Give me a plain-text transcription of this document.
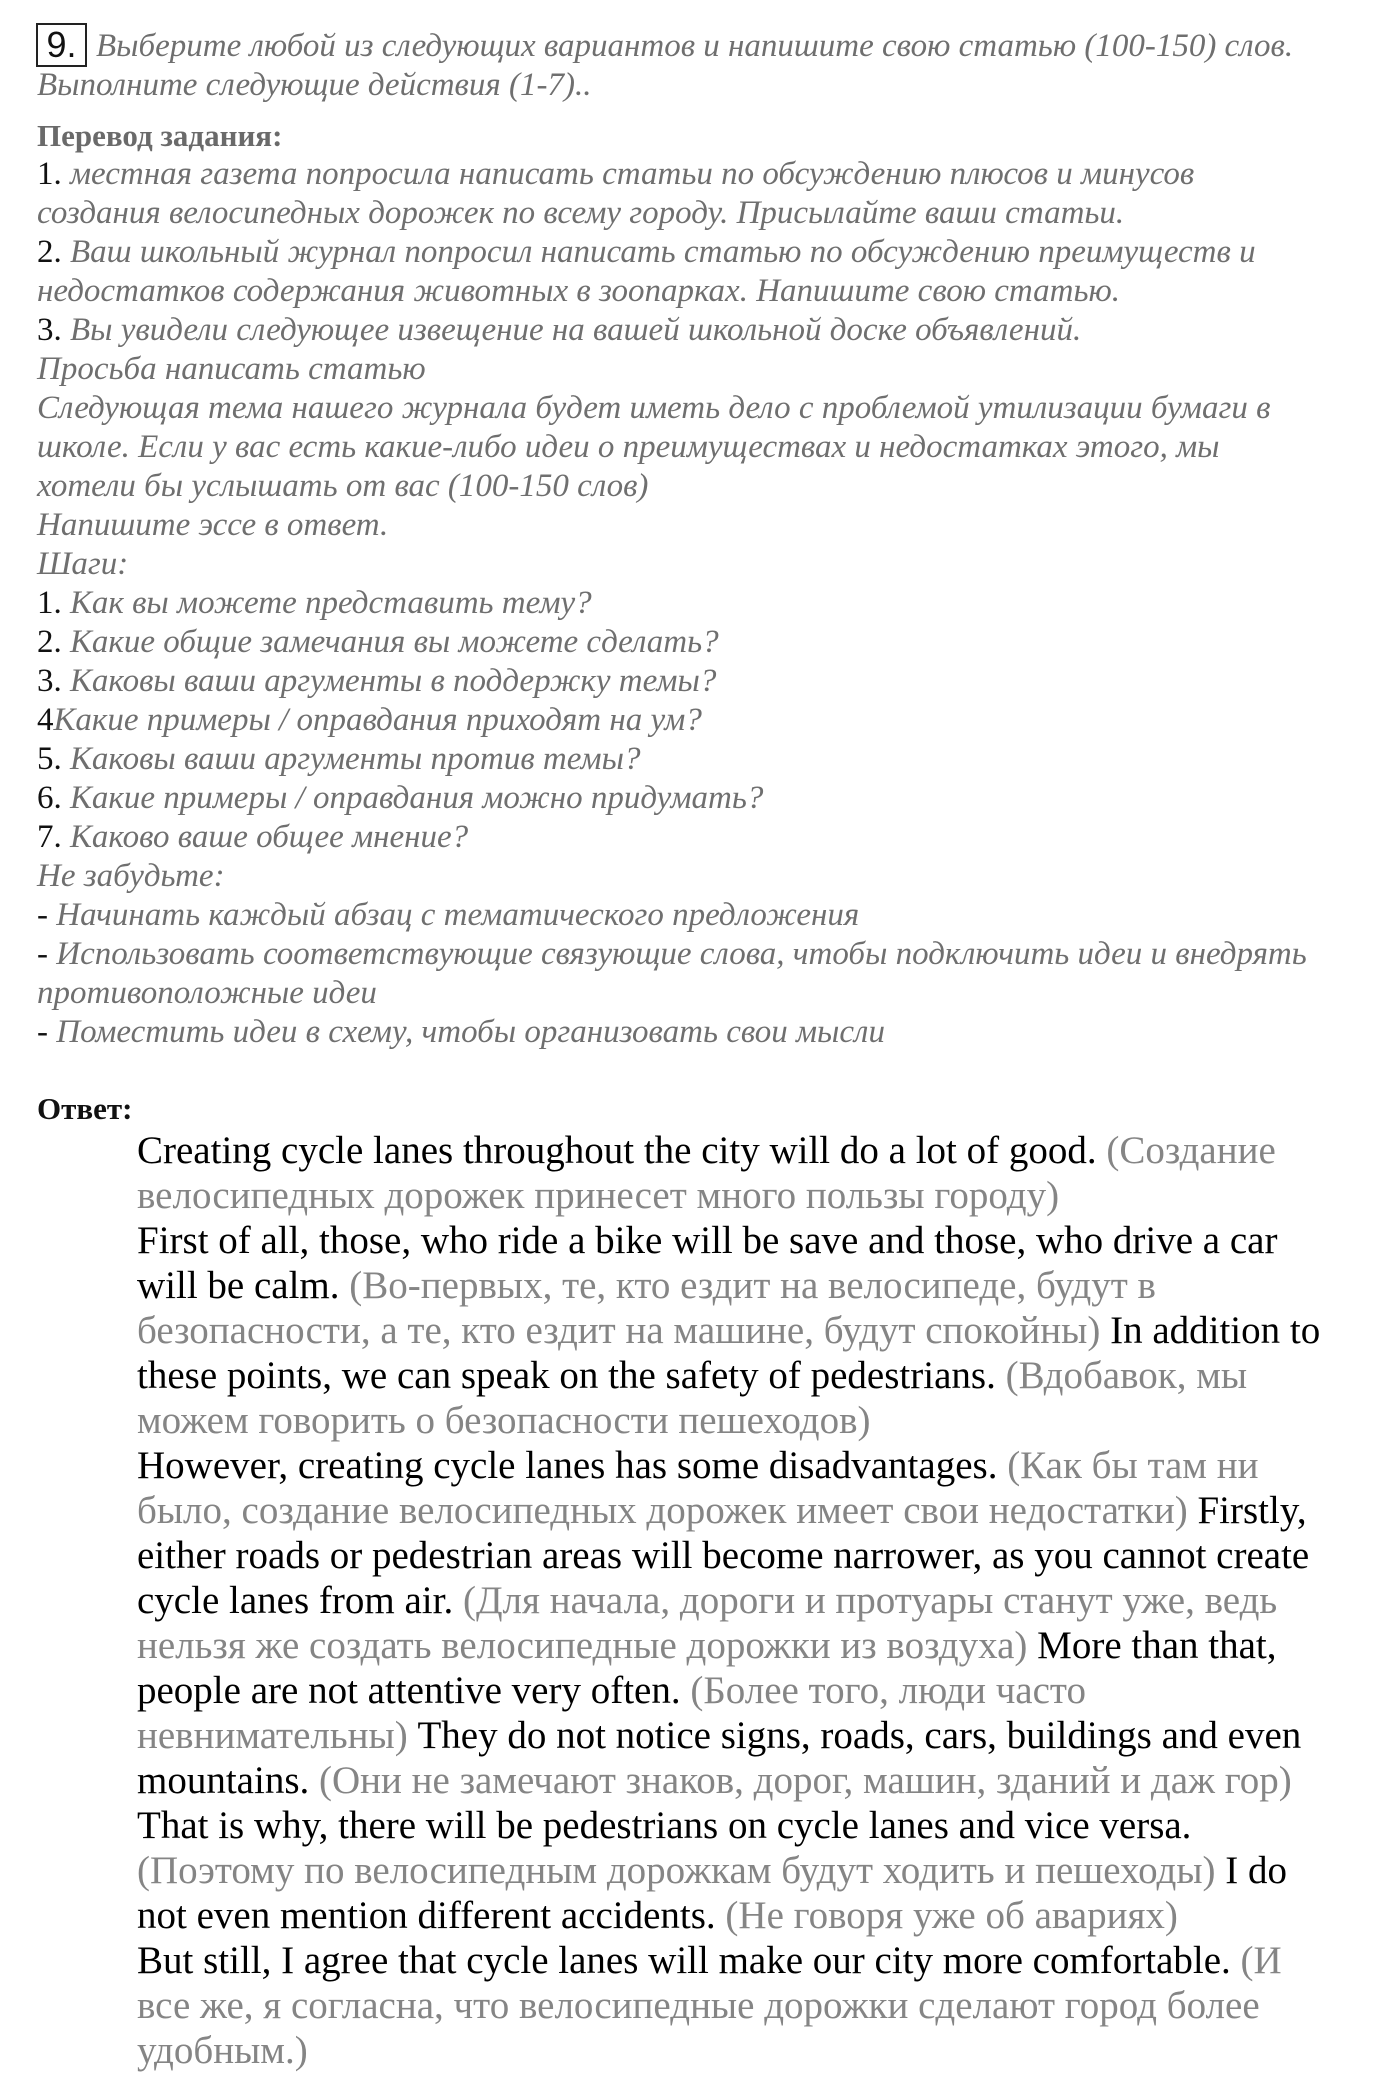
9. Выберите любой из следующих вариантов и напишите свою статью (100-150) слов.
Выполните следующие действия (1-7)..
Перевод задания:
1. местная газета попросила написать статьи по обсуждению плюсов и минусов
создания велосипедных дорожек по всему городу. Присылайте ваши статьи.
2. Ваш школьный журнал попросил написать статью по обсуждению преимуществ и
недостатков содержания животных в зоопарках. Напишите свою статью.
3. Вы увидели следующее извещение на вашей школьной доске объявлений.
Просьба написать статью
Следующая тема нашего журнала будет иметь дело с проблемой утилизации бумаги в
школе. Если у вас есть какие-либо идеи о преимуществах и недостатках этого, мы
хотели бы услышать от вас (100-150 слов)
Напишите эссе в ответ.
Шаги:
1. Как вы можете представить тему?
2. Какие общие замечания вы можете сделать?
3. Каковы ваши аргументы в поддержку темы?
4Какие примеры / оправдания приходят на ум?
5. Каковы ваши аргументы против темы?
6. Какие примеры / оправдания можно придумать?
7. Каково ваше общее мнение?
Не забудьте:
- Начинать каждый абзац с тематического предложения
- Использовать соответствующие связующие слова, чтобы подключить идеи и внедрять
противоположные идеи
- Поместить идеи в схему, чтобы организовать свои мысли
Ответ:
Creating cycle lanes throughout the city will do a lot of good. (Создание
велосипедных дорожек принесет много пользы городу)
First of all, those, who ride a bike will be save and those, who drive a car
will be calm. (Во-первых, те, кто ездит на велосипеде, будут в
безопасности, а те, кто ездит на машине, будут спокойны) In addition to
these points, we can speak on the safety of pedestrians. (Вдобавок, мы
можем говорить о безопасности пешеходов)
However, creating cycle lanes has some disadvantages. (Как бы там ни
было, создание велосипедных дорожек имеет свои недостатки) Firstly,
either roads or pedestrian areas will become narrower, as you cannot create
cycle lanes from air. (Для начала, дороги и протуары станут уже, ведь
нельзя же создать велосипедные дорожки из воздуха) More than that,
people are not attentive very often. (Более того, люди часто
невнимательны) They do not notice signs, roads, cars, buildings and even
mountains. (Они не замечают знаков, дорог, машин, зданий и даж гор)
That is why, there will be pedestrians on cycle lanes and vice versa.
(Поэтому по велосипедным дорожкам будут ходить и пешеходы) I do
not even mention different accidents. (Не говоря уже об авариях)
But still, I agree that cycle lanes will make our city more comfortable. (И
все же, я согласна, что велосипедные дорожки сделают город более
удобным.)
